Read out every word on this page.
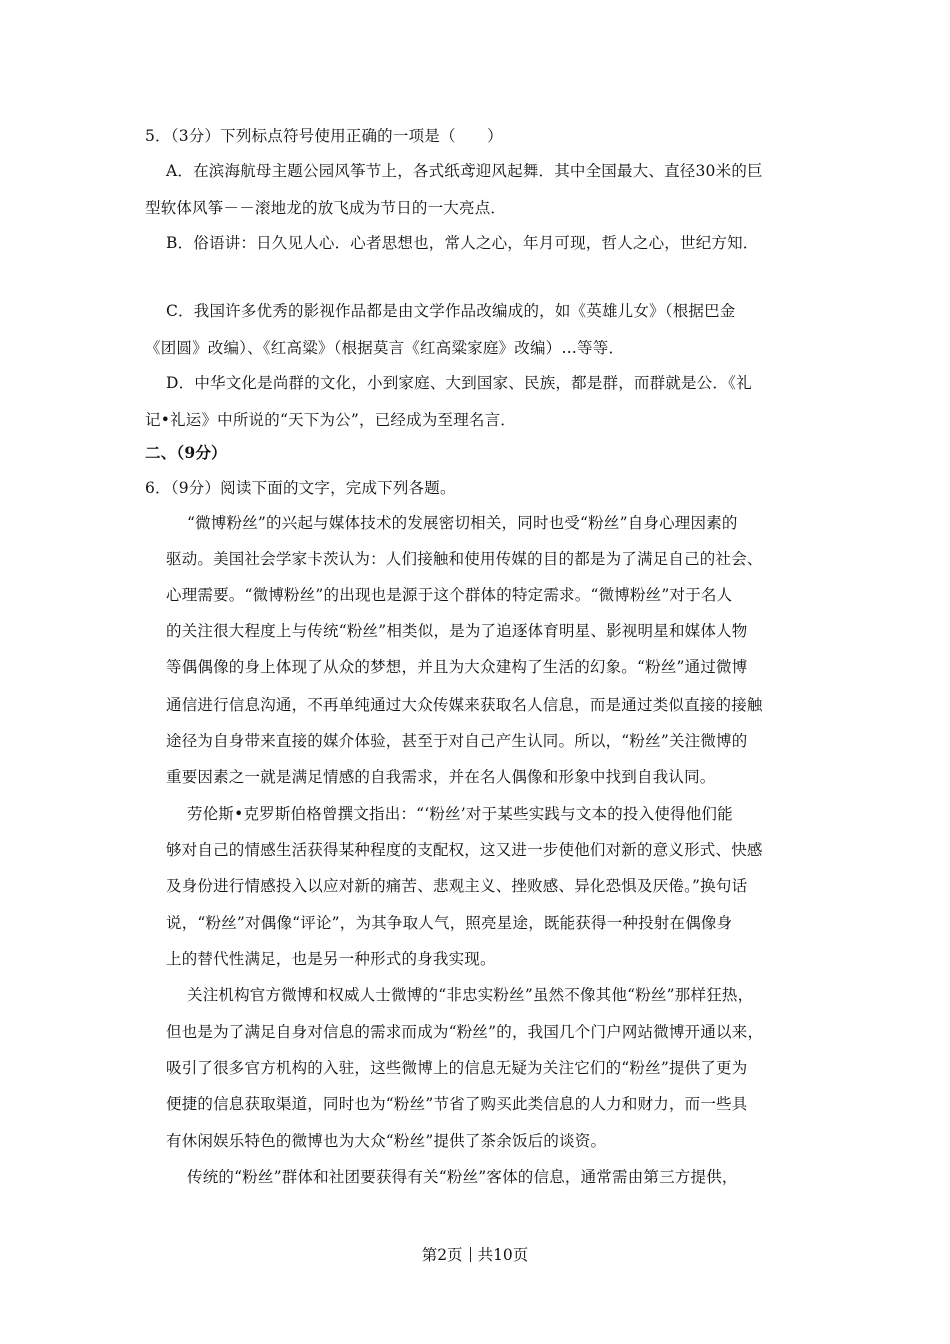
5．（3分）下列标点符号使用正确的一项是（　　）
A．在滨海航母主题公园风筝节上，各式纸鸢迎风起舞．其中全国最大、直径30米的巨
型软体风筝－－滚地龙的放飞成为节日的一大亮点．
B．俗语讲：日久见人心．心者思想也，常人之心，年月可现，哲人之心，世纪方知．
C．我国许多优秀的影视作品都是由文学作品改编成的，如《英雄儿女》（根据巴金
《团圆》改编）、《红高粱》（根据莫言《红高粱家庭》改编）…等等．
D．中华文化是尚群的文化，小到家庭、大到国家、民族，都是群，而群就是公．《礼
记•礼运》中所说的“天下为公”，已经成为至理名言．
二、（9分）
6．（9分）阅读下面的文字，完成下列各题。
“微博粉丝”的兴起与媒体技术的发展密切相关，同时也受“粉丝”自身心理因素的
驱动。美国社会学家卡茨认为：人们接触和使用传媒的目的都是为了满足自己的社会、
心理需要。“微博粉丝”的出现也是源于这个群体的特定需求。“微博粉丝”对于名人
的关注很大程度上与传统“粉丝”相类似，是为了追逐体育明星、影视明星和媒体人物
等偶偶像的身上体现了从众的梦想，并且为大众建构了生活的幻象。“粉丝”通过微博
通信进行信息沟通，不再单纯通过大众传媒来获取名人信息，而是通过类似直接的接触
途径为自身带来直接的媒介体验，甚至于对自己产生认同。所以，“粉丝”关注微博的
重要因素之一就是满足情感的自我需求，并在名人偶像和形象中找到自我认同。
劳伦斯•克罗斯伯格曾撰文指出：“‘粉丝’对于某些实践与文本的投入使得他们能
够对自己的情感生活获得某种程度的支配权，这又进一步使他们对新的意义形式、快感
及身份进行情感投入以应对新的痛苦、悲观主义、挫败感、异化恐惧及厌倦。”换句话
说，“粉丝”对偶像“评论”，为其争取人气，照亮星途，既能获得一种投射在偶像身
上的替代性满足，也是另一种形式的身我实现。
关注机构官方微博和权威人士微博的“非忠实粉丝”虽然不像其他“粉丝”那样狂热，
但也是为了满足自身对信息的需求而成为“粉丝”的，我国几个门户网站微博开通以来，
吸引了很多官方机构的入驻，这些微博上的信息无疑为关注它们的“粉丝”提供了更为
便捷的信息获取渠道，同时也为“粉丝”节省了购买此类信息的人力和财力，而一些具
有休闲娱乐特色的微博也为大众“粉丝”提供了茶余饭后的谈资。
传统的“粉丝”群体和社团要获得有关“粉丝”客体的信息，通常需由第三方提供，
第2页 共10页
